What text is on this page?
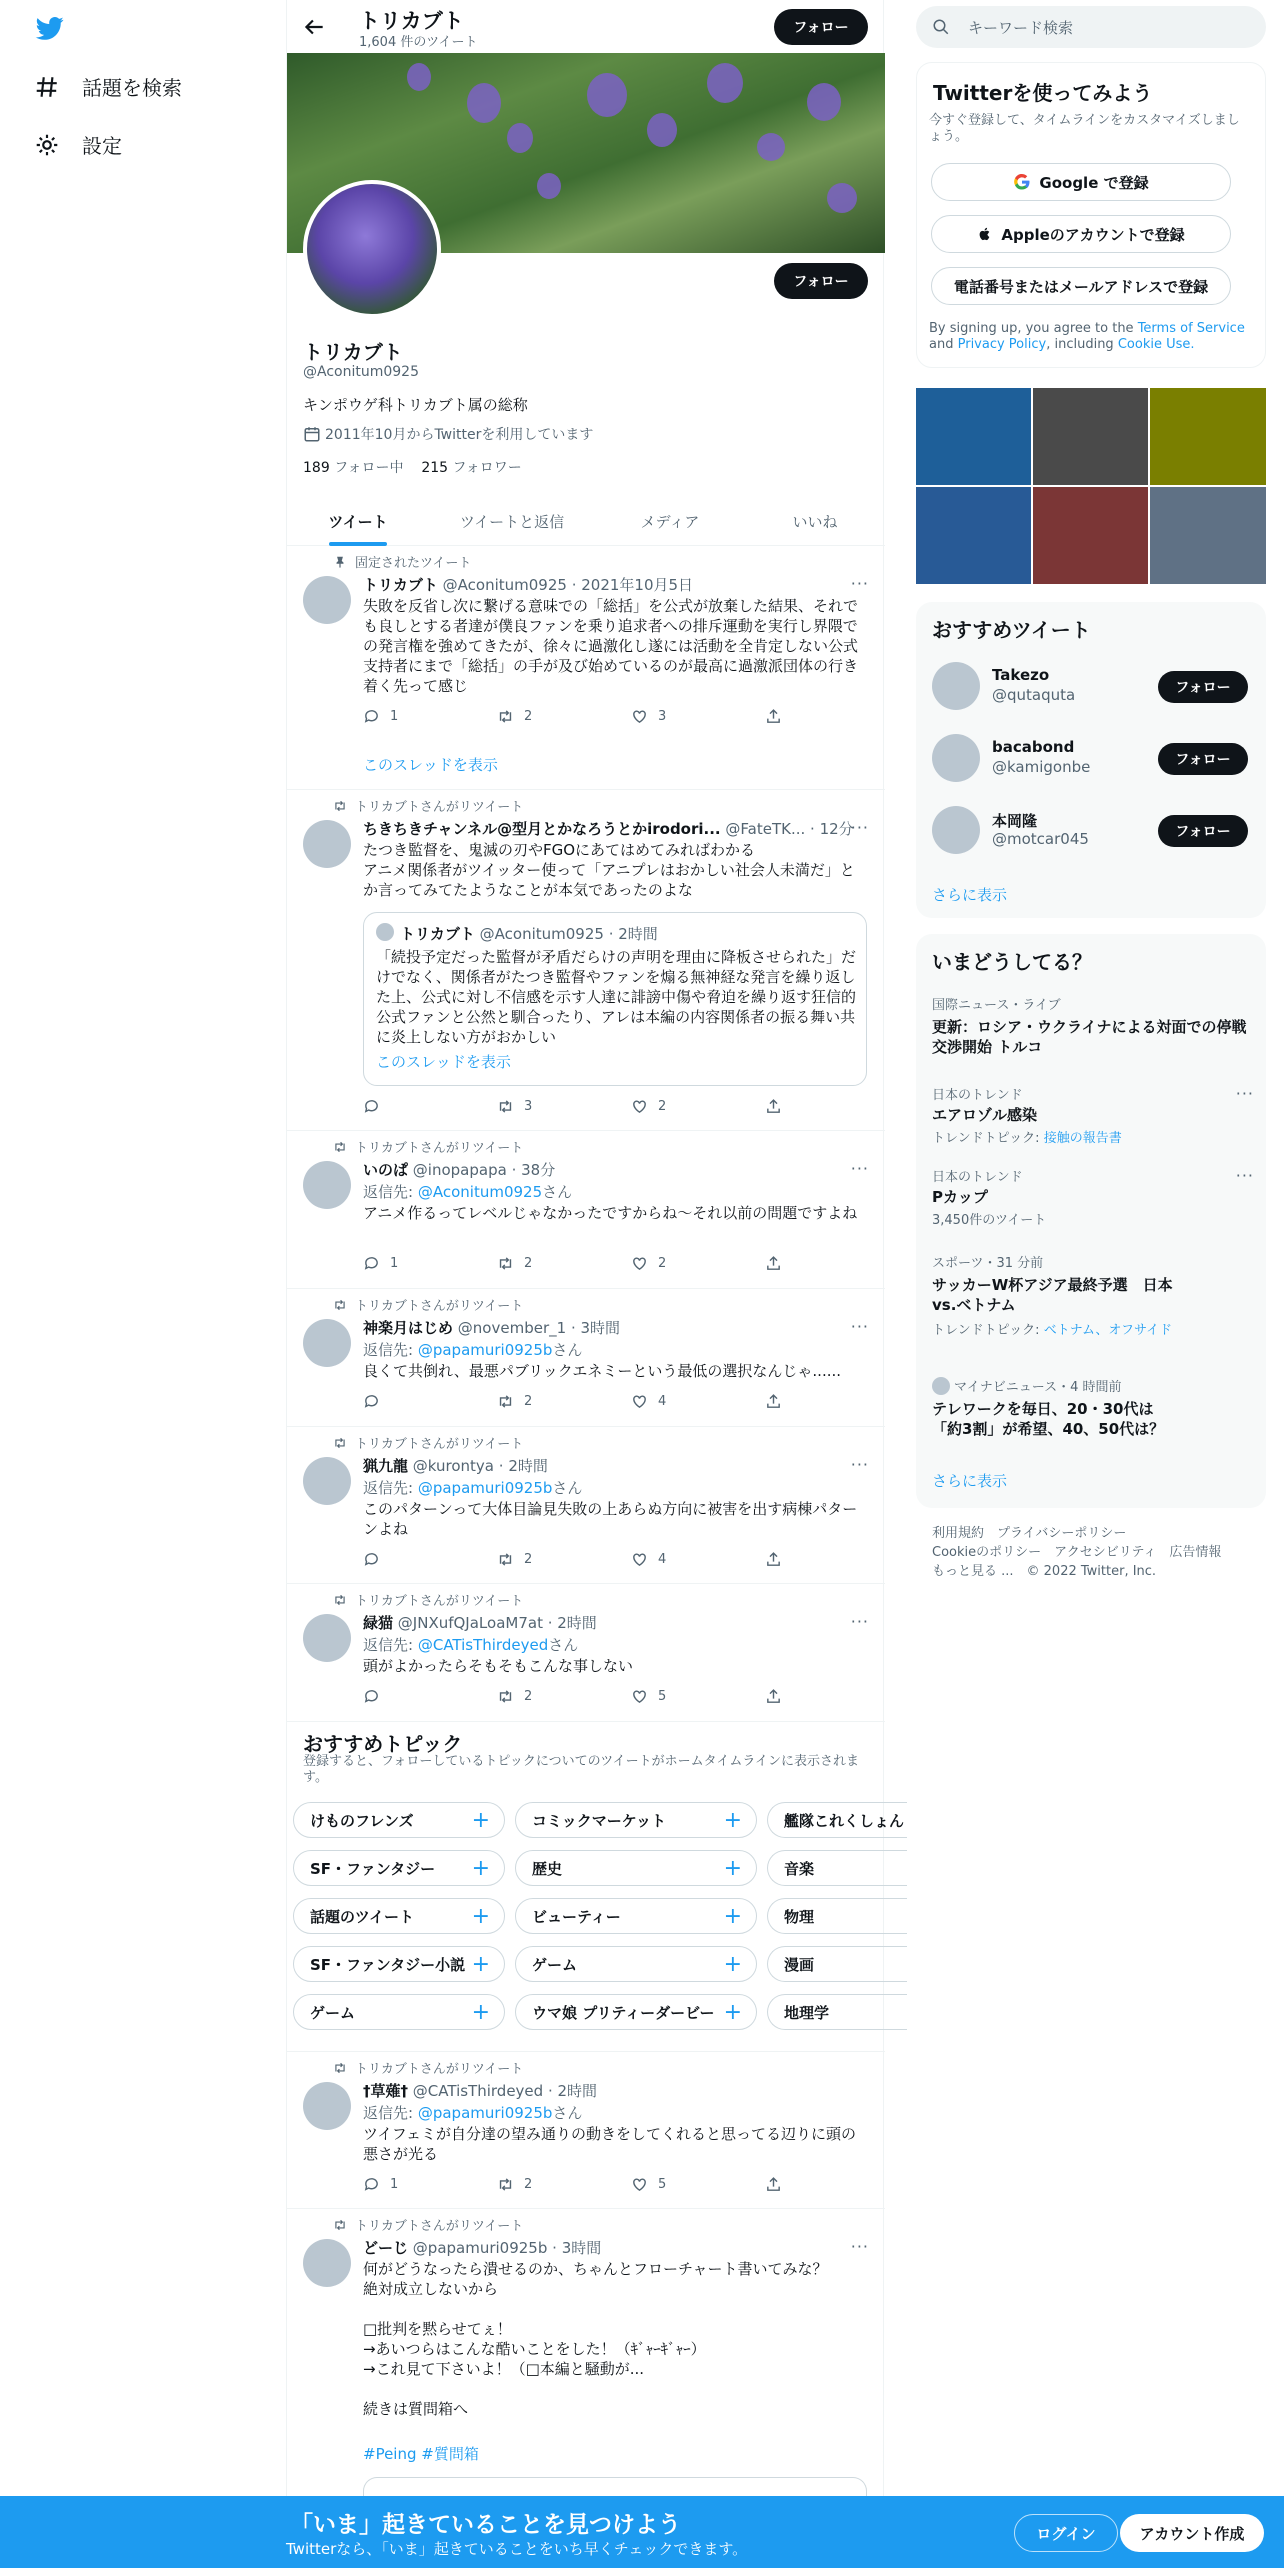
話題を検索
設定
トリカブト
1,604 件のツイート
フォロー
フォロー
トリカブト
@Aconitum0925
キンポウゲ科トリカブト属の総称
2011年10月からTwitterを利用しています
189 フォロー中 215 フォロワー
ツイート	ツイートと返信	メディア	いいね
固定されたツイート
トリカブト @Aconitum0925 · 2021年10月5日	···
失敗を反省し次に繋げる意味での「総括」を公式が放棄した結果、それでも良しとする者達が僕良ファンを乗り追求者への排斥運動を実行し界隈での発言権を強めてきたが、徐々に過激化し遂には活動を全肯定しない公式支持者にまで「総括」の手が及び始めているのが最高に過激派団体の行き着く先って感じ
1	2	3
このスレッドを表示
トリカブトさんがリツイート
ちきちきチャンネル@型月とかなろうとかirodori... @FateTK... · 12分
···
たつき監督を、鬼滅の刃やFGOにあてはめてみればわかる
アニメ関係者がツイッター使って「アニプレはおかしい社会人未満だ」とか言ってみてたようなことが本気であったのよな
トリカブト @Aconitum0925 · 2時間
「続投予定だった監督が矛盾だらけの声明を理由に降板させられた」だけでなく、関係者がたつき監督やファンを煽る無神経な発言を繰り返した上、公式に対し不信感を示す人達に誹謗中傷や脅迫を繰り返す狂信的公式ファンと公然と馴合ったり、アレは本編の内容関係者の振る舞い共に炎上しない方がおかしい
このスレッドを表示
3	2
トリカブトさんがリツイート
いのぱ @inopapapa · 38分	···
返信先: @Aconitum0925さん
アニメ作るってレベルじゃなかったですからね〜それ以前の問題ですよね
1	2	2
トリカブトさんがリツイート
神楽月はじめ @november_1 · 3時間	···
返信先: @papamuri0925bさん
良くて共倒れ、最悪パブリックエネミーという最低の選択なんじゃ......
2	4
トリカブトさんがリツイート
猟九龍 @kurontya · 2時間	···
返信先: @papamuri0925bさん
このパターンって大体目論見失敗の上あらぬ方向に被害を出す病棟パターンよね
2	4
トリカブトさんがリツイート
緑猫 @JNXufQJaLoaM7at · 2時間	···
返信先: @CATisThirdeyedさん
頭がよかったらそもそもこんな事しない
2	5
おすすめトピック
登録すると、フォローしているトピックについてのツイートがホームタイムラインに表示されます。
けものフレンズ	+	コミックマーケット	+	艦隊これくしょん
SF・ファンタジー +	歴史	+	音楽
話題のツイート	+	ビューティー	+	物理
SF・ファンタジー小説 +	ゲーム	+	漫画
ゲーム	+	ウマ娘 プリティーダービー +	地理学
トリカブトさんがリツイート
†草薙† @CATisThirdeyed · 2時間
返信先: @papamuri0925bさん
ツイフェミが自分達の望み通りの動きをしてくれると思ってる辺りに頭の悪さが光る
1	2	5
トリカブトさんがリツイート
どーじ @papamuri0925b · 3時間	···
何がどうなったら潰せるのか、ちゃんとフローチャート書いてみな？
絶対成立しないから

□批判を黙らせてぇ！
→あいつらはこんな酷いことをした！（ｷﾞｬｰｷﾞｬｰ）
→これ見て下さいよ！（□本編と騒動が...

続きは質問箱へ
#Peing #質問箱
キーワード検索
Twitterを使ってみよう
今すぐ登録して、タイムラインをカスタマイズしましょう。
Google で登録
Appleのアカウントで登録
電話番号またはメールアドレスで登録
By signing up, you agree to the Terms of Service and Privacy Policy, including Cookie Use.
おすすめツイート
Takezo
@qutaquta	フォロー
bacabond
@kamigonbe	フォロー
本岡隆
@motcar045	フォロー
さらに表示
いまどうしてる？
国際ニュース・ライブ
更新：ロシア・ウクライナによる対面での停戦交渉開始 トルコ
日本のトレンド
エアロゾル感染
トレンドトピック: 接触の報告書
···
日本のトレンド
Pカップ
3,450件のツイート
···
スポーツ・31 分前
サッカーW杯アジア最終予選　日本vs.ベトナム
トレンドトピック: ベトナム、オフサイド
マイナビニュース・4 時間前
テレワークを毎日、20・30代は「約3割」が希望、40、50代は？
さらに表示
利用規約　プライバシーポリシー
Cookieのポリシー　アクセシビリティ　広告情報
もっと見る ...　© 2022 Twitter, Inc.
「いま」起きていることを見つけよう
Twitterなら、「いま」起きていることをいち早くチェックできます。
ログイン	アカウント作成
